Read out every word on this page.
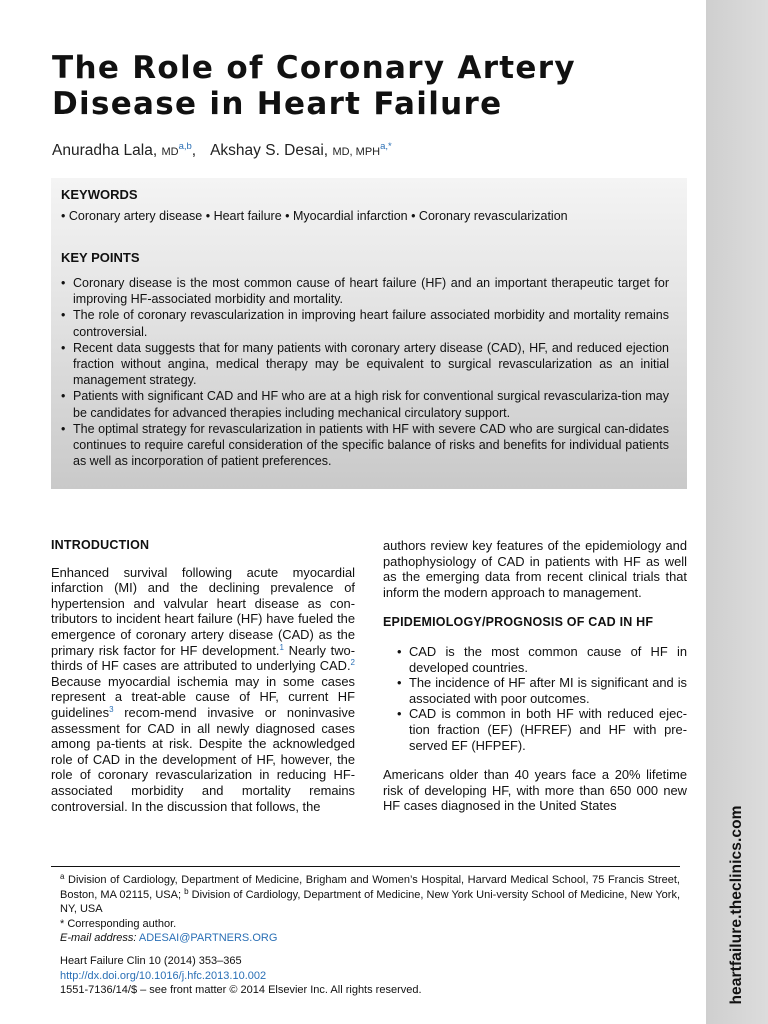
heartfailure.theclinics.com
The Role of Coronary Artery Disease in Heart Failure
Anuradha Lala, MD$^{a,b}$, Akshay S. Desai, MD, $MPH^{a,*}$
KEYWORDS
• Coronary artery disease • Heart failure • Myocardial infarction • Coronary revascularization
KEY POINTS
• Coronary disease is the most common cause of heart failure (HF) and an important therapeutic target for improving HF-associated morbidity and mortality.
• The role of coronary revascularization in improving heart failure associated morbidity and mortality remains controversial.
• Recent data suggests that for many patients with coronary artery disease (CAD), HF, and reduced ejection fraction without angina, medical therapy may be equivalent to surgical revascularization as an initial management strategy.
• Patients with significant CAD and HF who are at a high risk for conventional surgical revasculariza-tion may be candidates for advanced therapies including mechanical circulatory support.
• The optimal strategy for revascularization in patients with HF with severe CAD who are surgical can-didates continues to require careful consideration of the specific balance of risks and benefits for individual patients as well as incorporation of patient preferences.
INTRODUCTION

Enhanced survival following acute myocardial infarction (MI) and the declining prevalence of hypertension and valvular heart disease as con-tributors to incident heart failure (HF) have fueled the emergence of coronary artery disease (CAD) as the primary risk factor for HF development.$^1$ Nearly two-thirds of HF cases are attributed to underlying CAD.$^2$ Because myocardial ischemia may in some cases represent a treat-able cause of HF, current HF guidelines$^3$ recom-mend invasive or noninvasive assessment for CAD in all newly diagnosed cases among pa-tients at risk. Despite the acknowledged role of CAD in the development of HF, however, the role of coronary revascularization in reducing HF-associated morbidity and mortality remains controversial. In the discussion that follows, the

authors review key features of the epidemiology and pathophysiology of CAD in patients with HF as well as the emerging data from recent clinical trials that inform the modern approach to management.

EPIDEMIOLOGY/PROGNOSIS OF CAD IN HF
• CAD is the most common cause of HF in developed countries.
• The incidence of HF after MI is significant and is associated with poor outcomes.
• CAD is common in both HF with reduced ejec-tion fraction (EF) (HFREF) and HF with pre-served EF (HFPEF).

Americans older than 40 years face a 20% lifetime risk of developing HF, with more than 650 000 new HF cases diagnosed in the United States

$^a$ Division of Cardiology, Department of Medicine, Brigham and Women’s Hospital, Harvard Medical School, 75 Francis Street, Boston, MA 02115, USA; $^b$ Division of Cardiology, Department of Medicine, New York Uni-versity School of Medicine, New York, NY, USA

* Corresponding author.

E-mail address: ADESAI@PARTNERS.ORG

Heart Failure Clin 10 (2014) 353–365
http://dx.doi.org/10.1016/j.hfc.2013.10.002
1551-7136/14/$ – see front matter © 2014 Elsevier Inc. All rights reserved.
